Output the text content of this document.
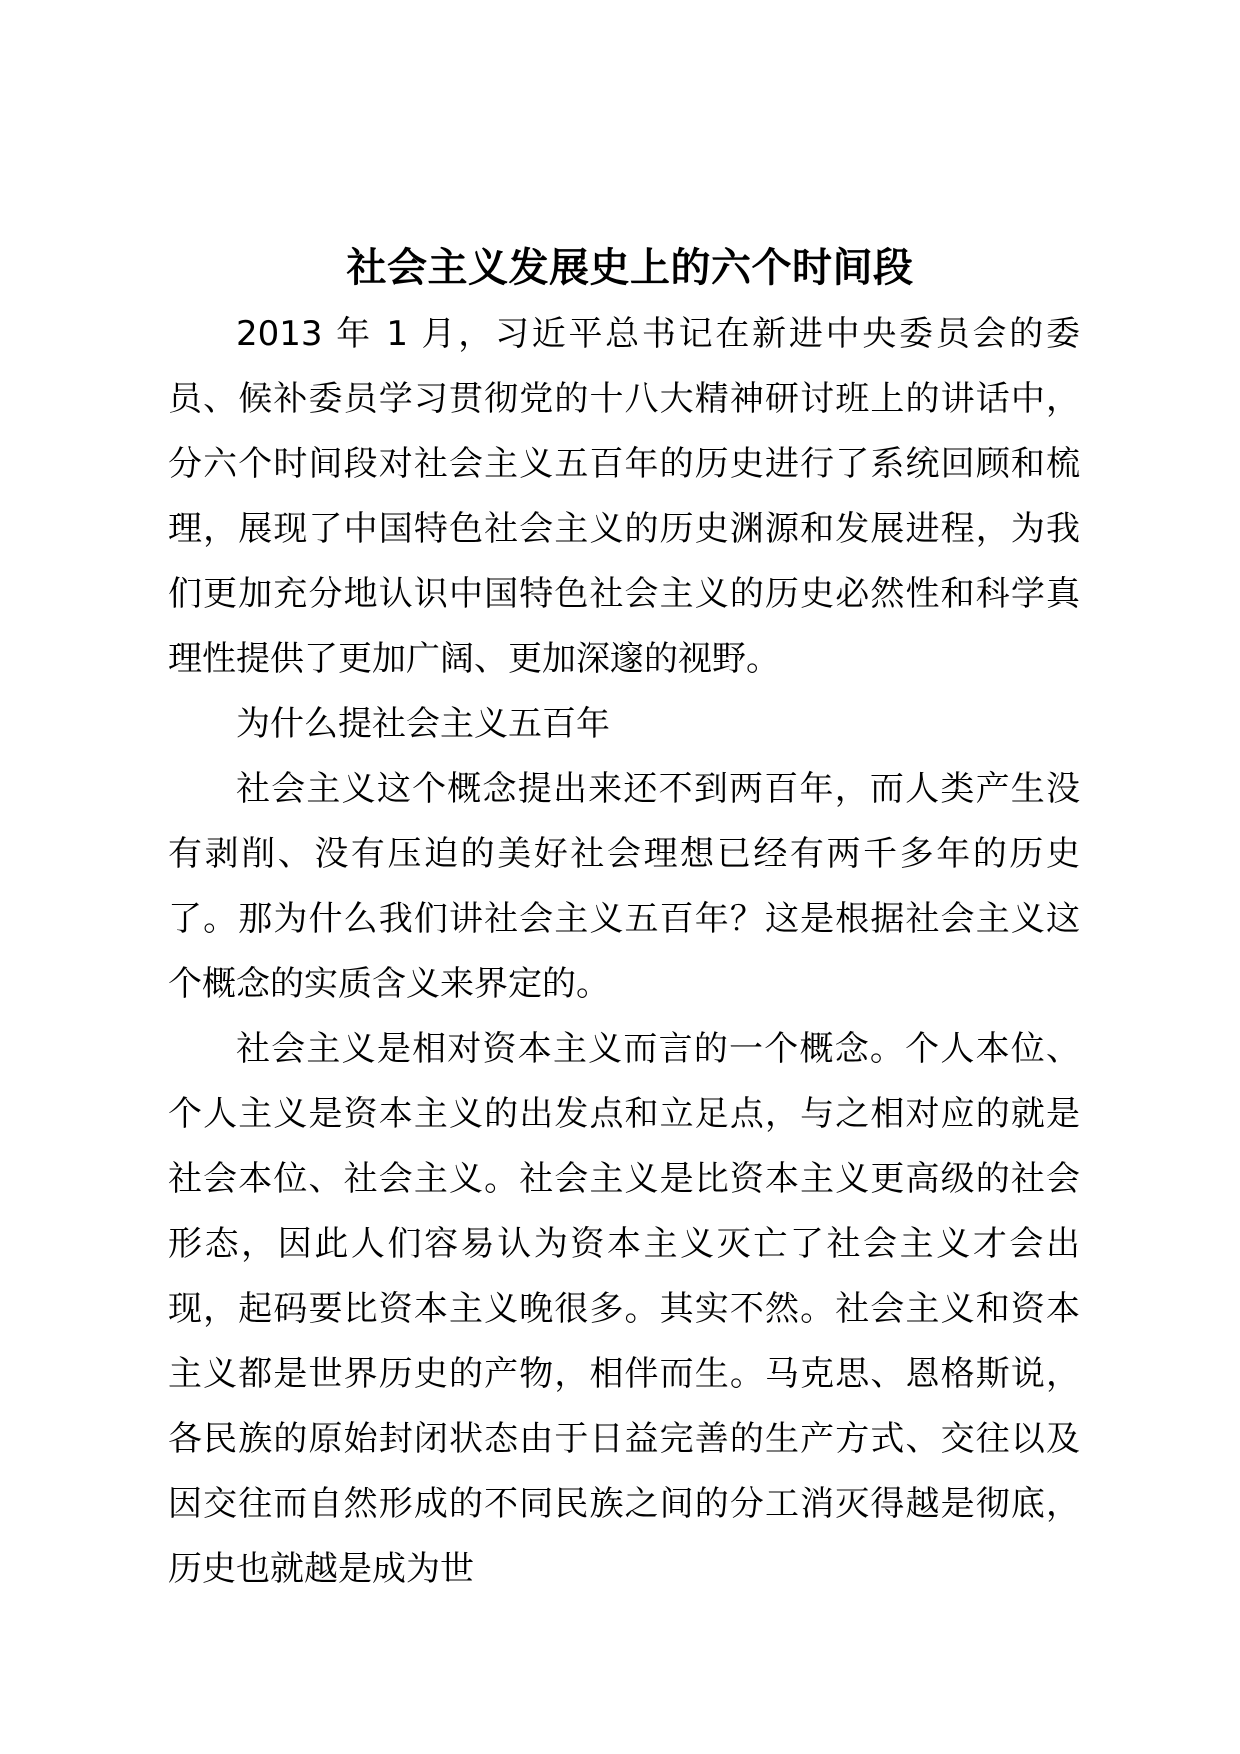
社会主义发展史上的六个时间段

2013 年 1 月，习近平总书记在新进中央委员会的委员、候补委员学习贯彻党的十八大精神研讨班上的讲话中，分六个时间段对社会主义五百年的历史进行了系统回顾和梳理，展现了中国特色社会主义的历史渊源和发展进程，为我们更加充分地认识中国特色社会主义的历史必然性和科学真理性提供了更加广阔、更加深邃的视野。

为什么提社会主义五百年

社会主义这个概念提出来还不到两百年，而人类产生没有剥削、没有压迫的美好社会理想已经有两千多年的历史了。那为什么我们讲社会主义五百年？这是根据社会主义这个概念的实质含义来界定的。

社会主义是相对资本主义而言的一个概念。个人本位、个人主义是资本主义的出发点和立足点，与之相对应的就是社会本位、社会主义。社会主义是比资本主义更高级的社会形态，因此人们容易认为资本主义灭亡了社会主义才会出现，起码要比资本主义晚很多。其实不然。社会主义和资本主义都是世界历史的产物，相伴而生。马克思、恩格斯说，各民族的原始封闭状态由于日益完善的生产方式、交往以及因交往而自然形成的不同民族之间的分工消灭得越是彻底，历史也就越是成为世
